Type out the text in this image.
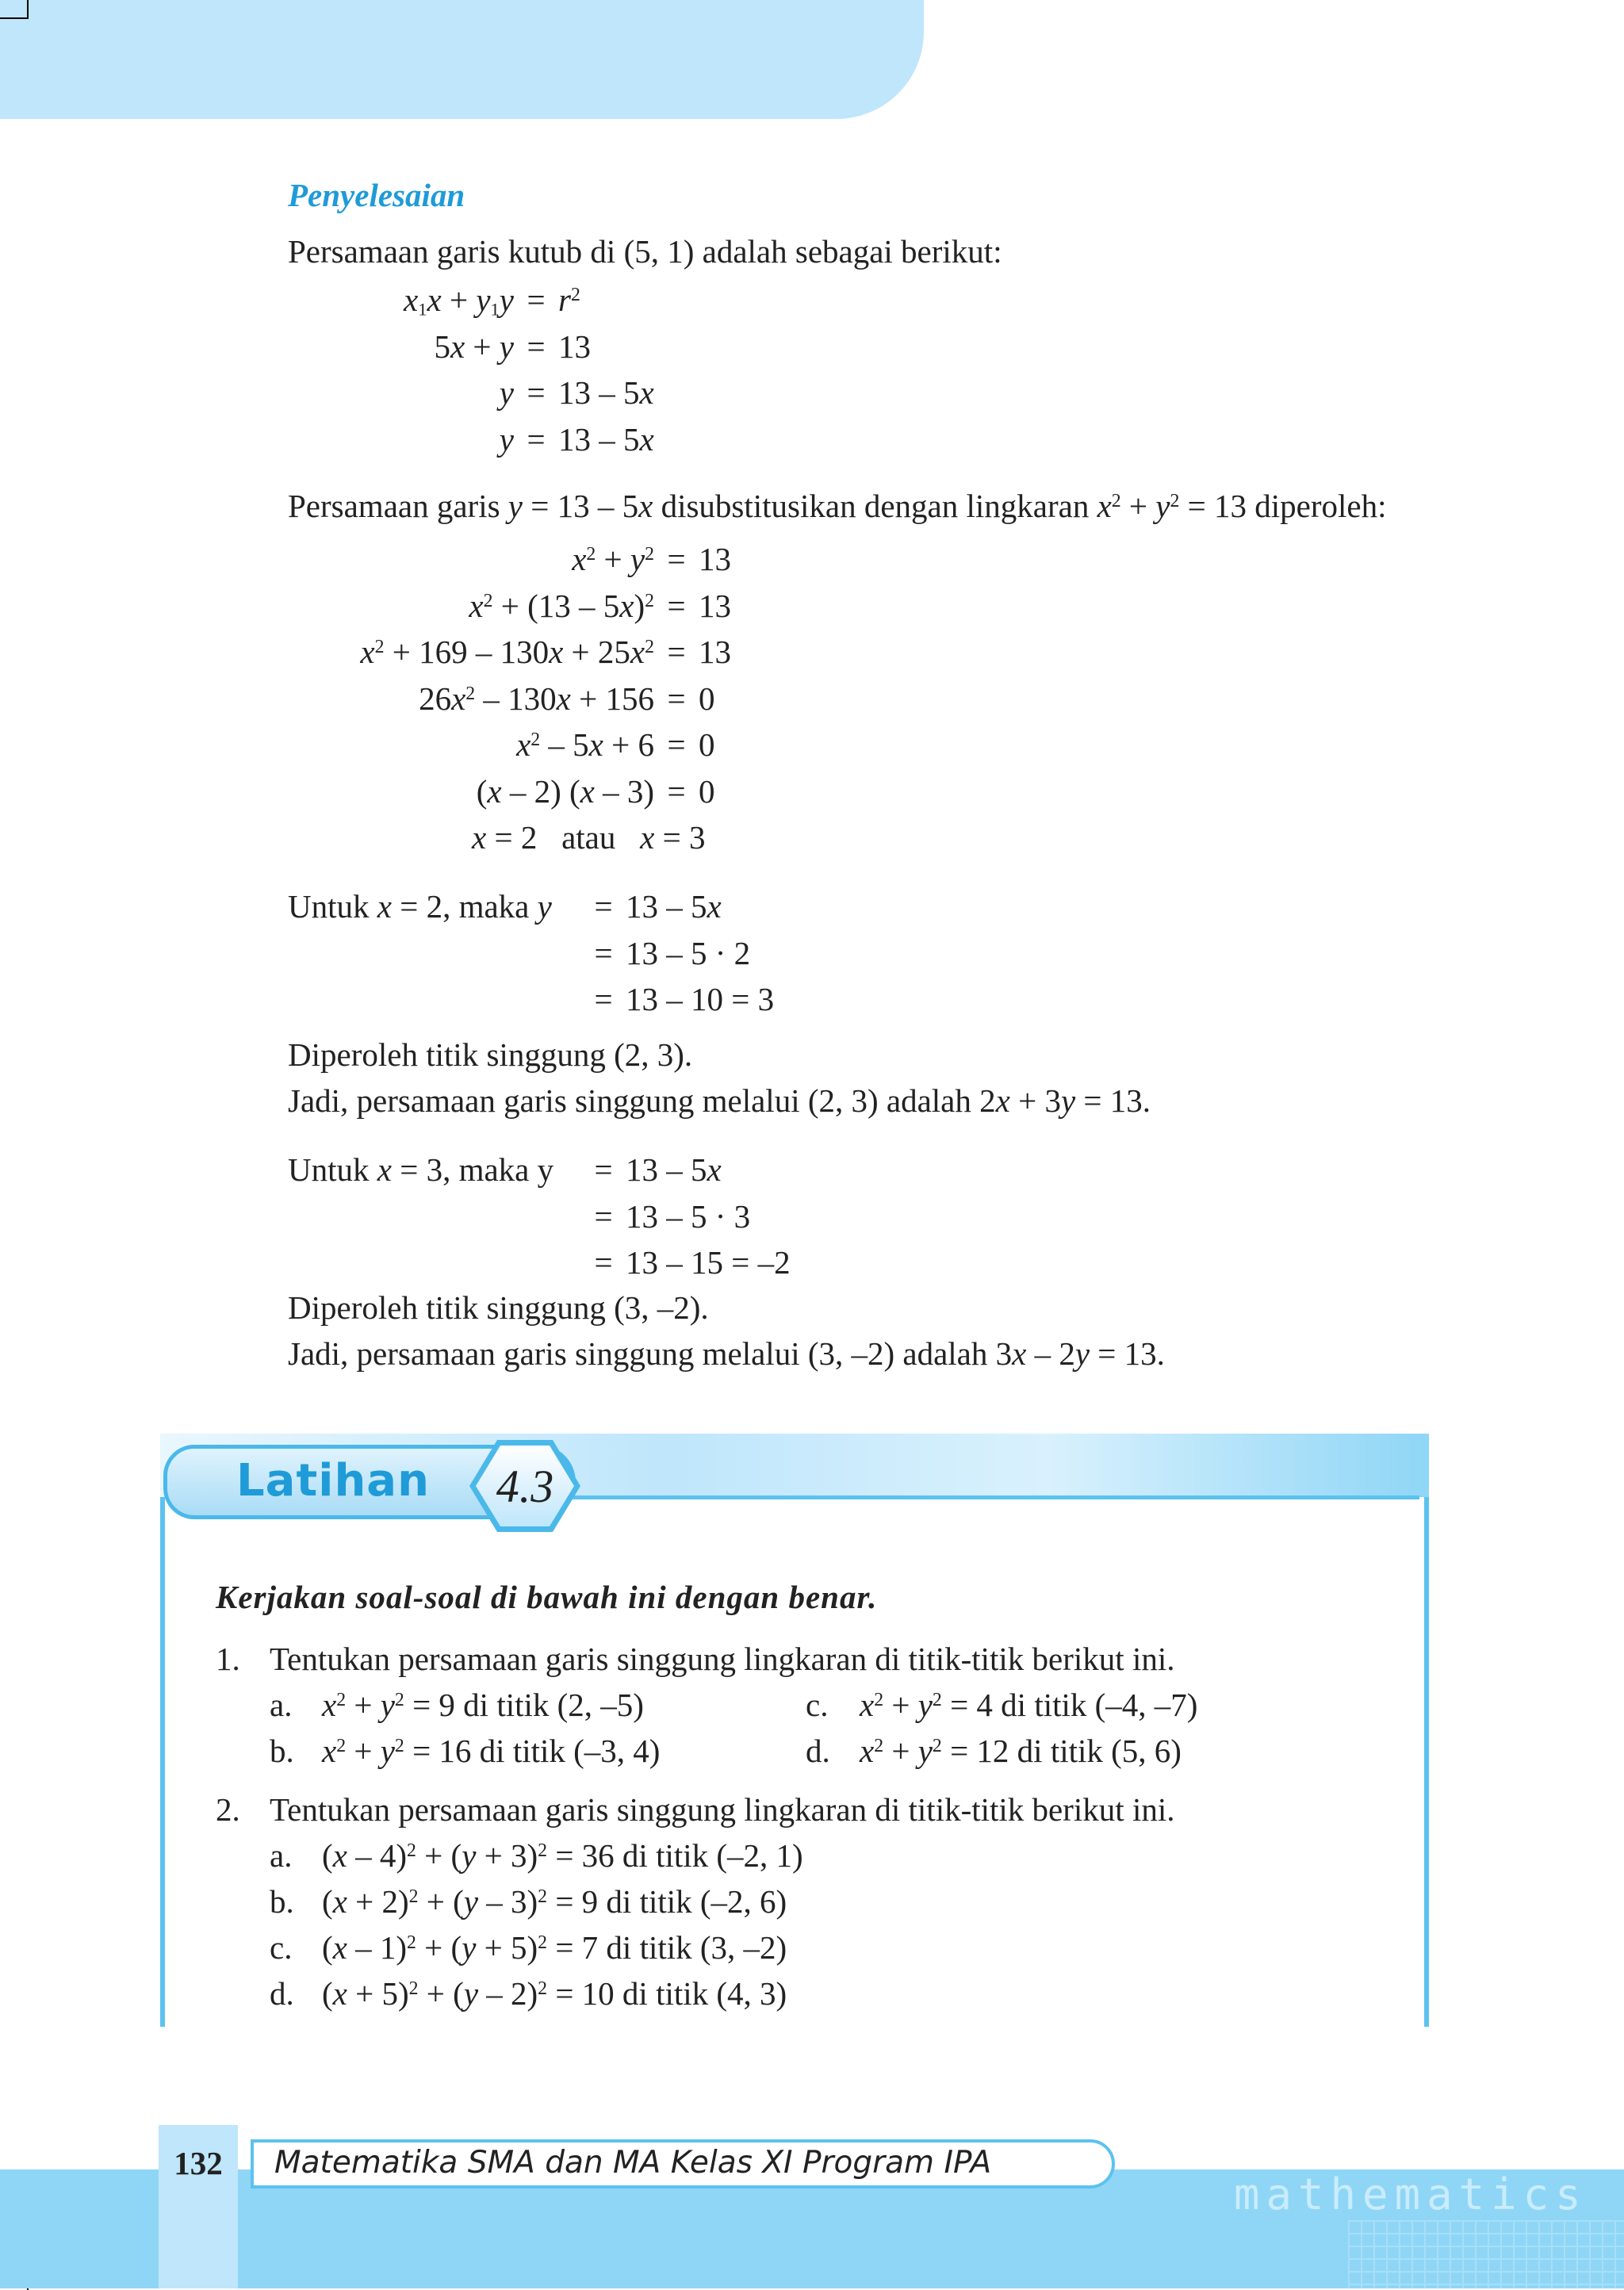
Penyelesaian
Persamaan garis kutub di (5, 1) adalah sebagai berikut:
$x_1x + y_1y = r^2$
5x + y = 13
y = 13 – 5x
y = 13 – 5x
Persamaan garis y = 13 – 5x disubstitusikan dengan lingkaran $x^2 + y^2 = 13$ diperoleh:
$x^2 + y^2 = 13$
$x^2 + (13 - 5x)^2 = 13$
$x^2 + 169 - 130x + 25x^2 = 13$
$26x^2 - 130x + 156 = 0$
$x^2 - 5x + 6 = 0$
(x – 2) (x – 3) = 0
x = 2   atau   x = 3
Untuk x = 2, maka y	= 13 – 5x
= 13 – 5 · 2
= 13 – 10 = 3
Diperoleh titik singgung (2, 3).
Jadi, persamaan garis singgung melalui (2, 3) adalah 2x + 3y = 13.
Untuk x = 3, maka y	= 13 – 5x
= 13 – 5 · 3
= 13 – 15 = –2
Diperoleh titik singgung (3, –2).
Jadi, persamaan garis singgung melalui (3, –2) adalah 3x – 2y = 13.
Latihan	4.3
Kerjakan soal-soal di bawah ini dengan benar.
1. Tentukan persamaan garis singgung lingkaran di titik-titik berikut ini.
a. $x^2 + y^2 = 9$ di titik (2, –5)
b. $x^2 + y^2 = 16$ di titik (–3, 4)
c. $x^2 + y^2 = 4$ di titik (–4, –7)
d. $x^2 + y^2 = 12$ di titik (5, 6)
2. Tentukan persamaan garis singgung lingkaran di titik-titik berikut ini.
a. $(x - 4)^2 + (y + 3)^2 = 36$ di titik (–2, 1)
b. $(x + 2)^2 + (y - 3)^2 = 9$ di titik (–2, 6)
c. $(x - 1)^2 + (y + 5)^2 = 7$ di titik (3, –2)
d. $(x + 5)^2 + (y - 2)^2 = 10$ di titik (4, 3)
mathematics
132	Matematika SMA dan MA Kelas XI Program IPA
